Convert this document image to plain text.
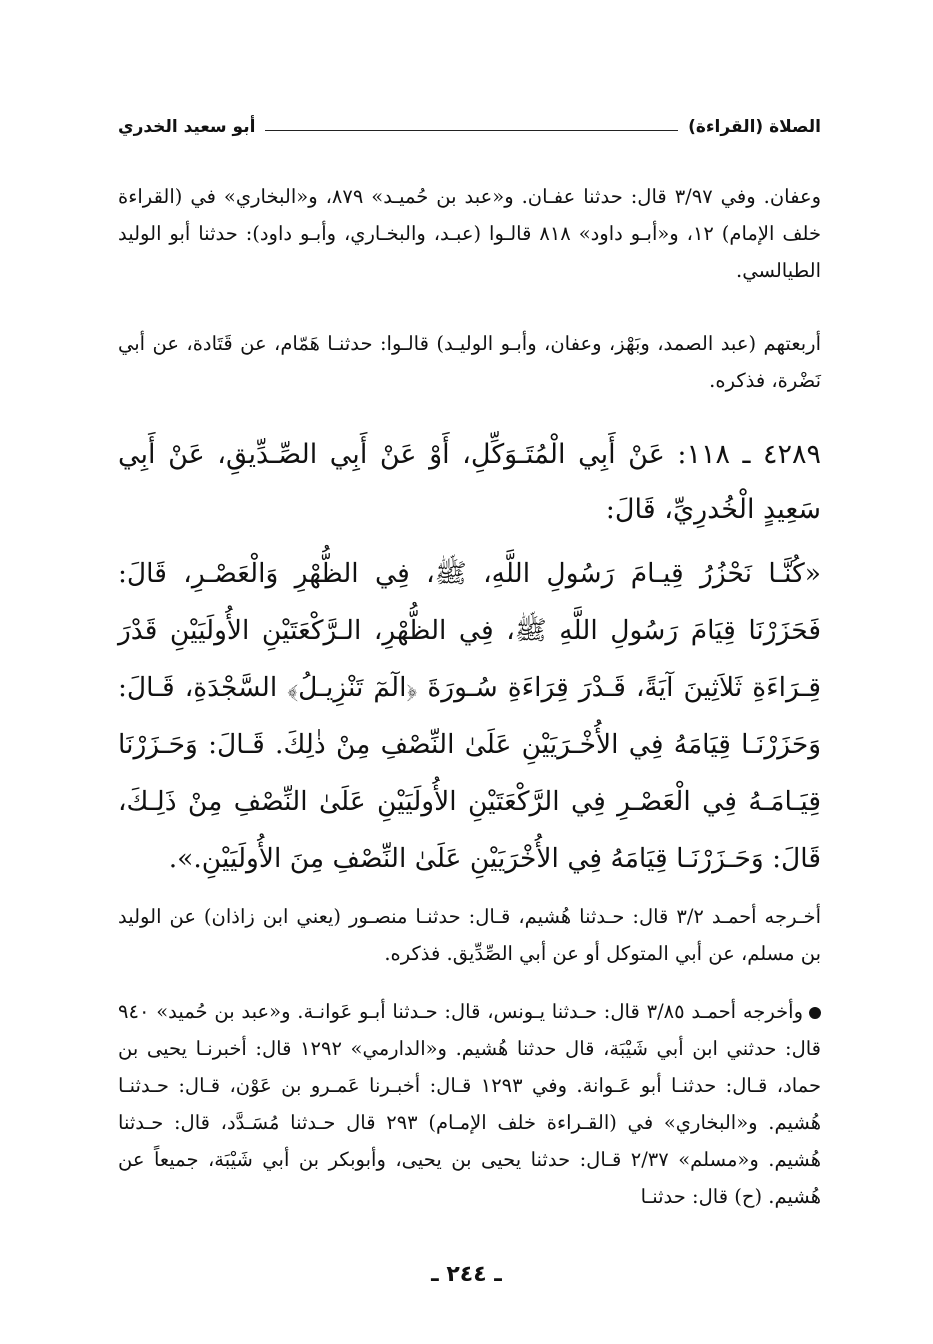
الصلاة (القراءة)
أبو سعيد الخدري

وعفان. وفي ٣/٩٧ قال: حدثنا عفـان. و«عبد بن حُميـد» ٨٧٩، و«البخاري» في (القراءة خلف الإمام) ١٢، و«أبـو داود» ٨١٨ قالـوا (عبـد، والبخـاري، وأبـو داود): حدثنا أبو الوليد الطيالسي.

أربعتهم (عبد الصمد، وبَهْز، وعفان، وأبـو الوليـد) قالـوا: حدثنـا هَمّام، عن قَتَادة، عن أبي نَضْرة، فذكره.

٤٢٨٩ ـ ١١٨: عَنْ أَبِي الْمُتَـوَكِّلِ، أَوْ عَنْ أَبِي الصِّـدِّيقِ، عَنْ أَبِي سَعِيدٍ الْخُدرِيِّ، قَالَ:

«كُنَّـا نَحْزُرُ قِيـامَ رَسُولِ اللَّهِ، ﷺ، فِي الظُّهْرِ وَالْعَصْـرِ، قَالَ: فَحَزَرْنَا قِيَامَ رَسُولِ اللَّهِ ﷺ، فِي الظُّهْرِ، الـرَّكْعَتَيْنِ الأُولَيَيْنِ قَدْرَ قِـرَاءَةِ ثَلاَثِينَ آيَةً، قَـدْرَ قِرَاءَةِ سُـورَةَ ﴿الٓمٓ تَنْزِيـلُ﴾ السَّجْدَةِ، قَـالَ: وَحَزَرْنَـا قِيَامَهُ فِي الأُخْـرَيَيْنِ عَلَىٰ النِّصْفِ مِنْ ذٰلِكَ. قَـالَ: وَحَـزَرْنَا قِيَـامَـهُ فِي الْعَصْـرِ فِي الرَّكْعَتَيْنِ الأُولَيَيْنِ عَلَىٰ النِّصْفِ مِنْ ذَلِـكَ، قَالَ: وَحَـزَرْنَـا قِيَامَهُ فِي الأُخْرَيَيْنِ عَلَىٰ النِّصْفِ مِنَ الأُولَيَيْنِ.».

أخـرجه أحمـد ٣/٢ قال: حـدثنا هُشيم، قـال: حدثنـا منصـور (يعني ابن زاذان) عن الوليد بن مسلم، عن أبي المتوكل أو عن أبي الصِّدِّيق. فذكره.

وأخرجه أحمـد ٣/٨٥ قال: حـدثنا يـونس، قال: حـدثنا أبـو عَوانـة. و«عبد بن حُميد» ٩٤٠ قال: حدثني ابن أبي شَيْبَة، قال حدثنا هُشيم. و«الدارمي» ١٢٩٢ قال: أخبرنـا يحيى بن حماد، قـال: حدثنـا أبو عَـوانة. وفي ١٢٩٣ قـال: أخبـرنا عَمـرو بن عَوْن، قـال: حـدثنـا هُشيم. و«البخاري» في (القـراءة خلف الإمـام) ٢٩٣ قال حـدثنا مُسَـدَّد، قال: حـدثنا هُشيم. و«مسلم» ٢/٣٧ قـال: حدثنا يحيى بن يحيى، وأبوبكر بن أبي شَيْبَة، جميعاً عن هُشيم. (ح) قال: حدثنـا

ـ ٢٤٤ ـ
